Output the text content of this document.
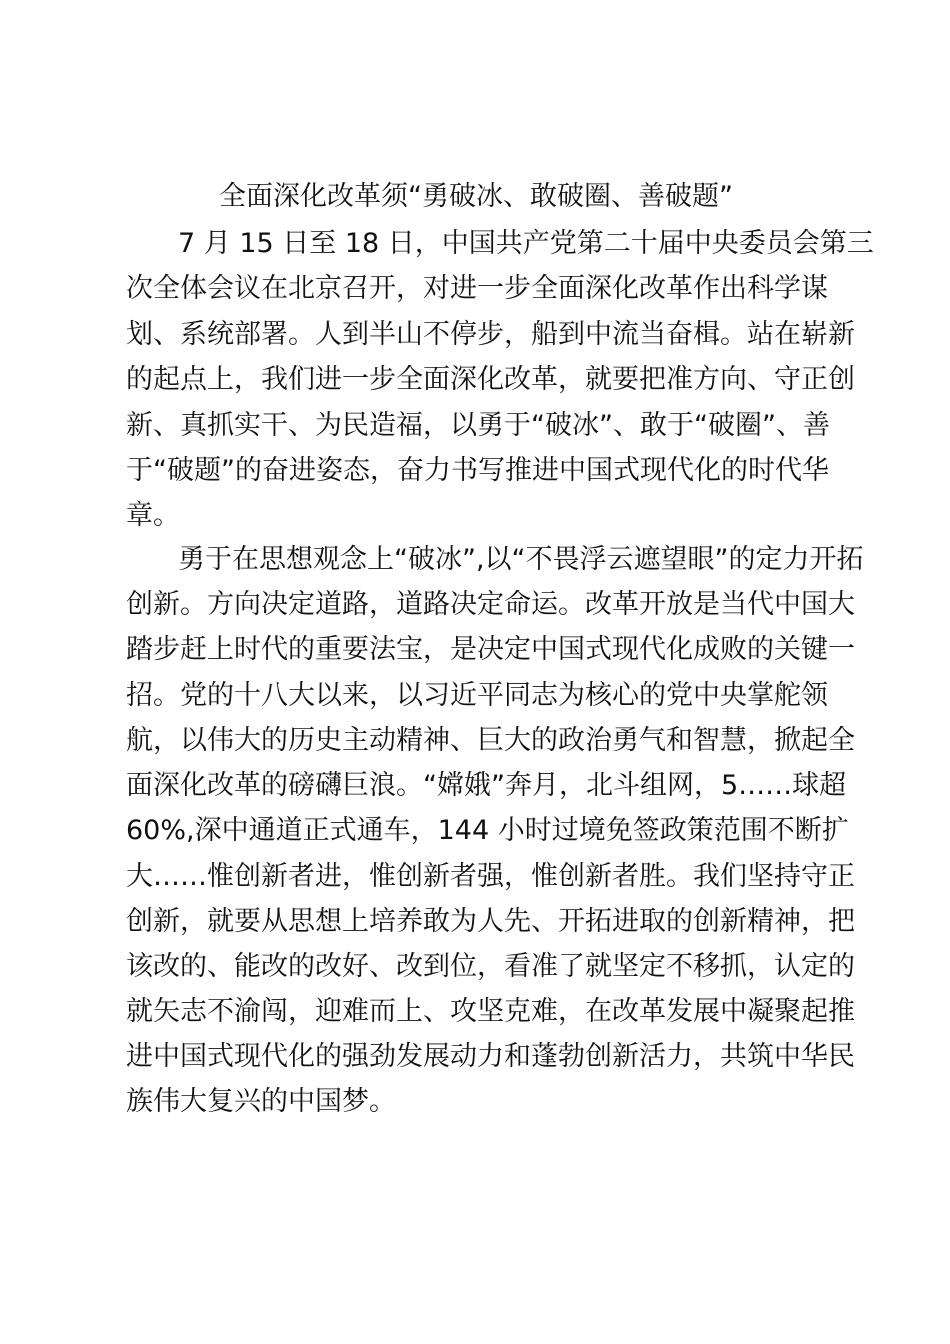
全面深化改革须“勇破冰、敢破圈、善破题”
7 月 15 日至 18 日，中国共产党第二十届中央委员会第三
次全体会议在北京召开，对进一步全面深化改革作出科学谋
划、系统部署。人到半山不停步，船到中流当奋楫。站在崭新
的起点上，我们进一步全面深化改革，就要把准方向、守正创
新、真抓实干、为民造福，以勇于“破冰”、敢于“破圈”、善
于“破题”的奋进姿态，奋力书写推进中国式现代化的时代华
章。
勇于在思想观念上“破冰”,以“不畏浮云遮望眼”的定力开拓
创新。方向决定道路，道路决定命运。改革开放是当代中国大
踏步赶上时代的重要法宝，是决定中国式现代化成败的关键一
招。党的十八大以来，以习近平同志为核心的党中央掌舵领
航，以伟大的历史主动精神、巨大的政治勇气和智慧，掀起全
面深化改革的磅礴巨浪。“嫦娥”奔月，北斗组网，5……球超
60%,深中通道正式通车，144 小时过境免签政策范围不断扩
大……惟创新者进，惟创新者强，惟创新者胜。我们坚持守正
创新，就要从思想上培养敢为人先、开拓进取的创新精神，把
该改的、能改的改好、改到位，看准了就坚定不移抓，认定的
就矢志不渝闯，迎难而上、攻坚克难，在改革发展中凝聚起推
进中国式现代化的强劲发展动力和蓬勃创新活力，共筑中华民
族伟大复兴的中国梦。
